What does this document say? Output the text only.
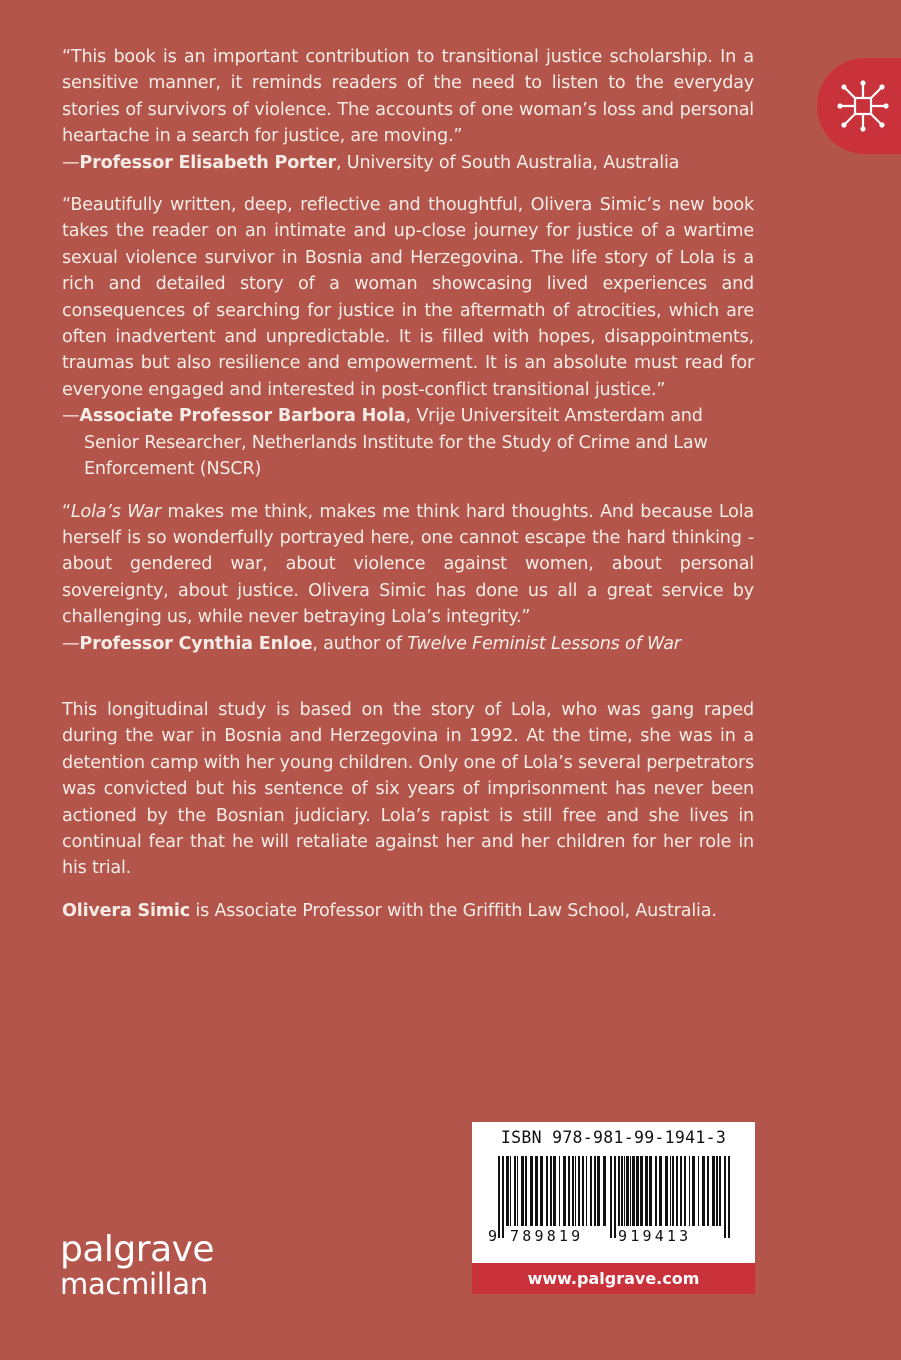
“This book is an important contribution to transitional justice scholarship. In a sensitive manner, it reminds readers of the need to listen to the everyday stories of survivors of violence. The accounts of one woman’s loss and personal heartache in a search for justice, are moving.”

—Professor Elisabeth Porter, University of South Australia, Australia

“Beautifully written, deep, reflective and thoughtful, Olivera Simic’s new book takes the reader on an intimate and up-close journey for justice of a wartime sexual violence survivor in Bosnia and Herzegovina. The life story of Lola is a rich and detailed story of a woman showcasing lived experiences and consequences of searching for justice in the aftermath of atrocities, which are often inadvertent and unpredictable. It is filled with hopes, disappointments, traumas but also resilience and empowerment. It is an absolute must read for everyone engaged and interested in post-conflict transitional justice.”

—Associate Professor Barbora Hola, Vrije Universiteit Amsterdam and Senior Researcher, Netherlands Institute for the Study of Crime and Law Enforcement (NSCR)

“Lola’s War makes me think, makes me think hard thoughts. And because Lola herself is so wonderfully portrayed here, one cannot escape the hard thinking - about gendered war, about violence against women, about personal sovereignty, about justice. Olivera Simic has done us all a great service by challenging us, while never betraying Lola’s integrity.”

—Professor Cynthia Enloe, author of Twelve Feminist Lessons of War

This longitudinal study is based on the story of Lola, who was gang raped during the war in Bosnia and Herzegovina in 1992. At the time, she was in a detention camp with her young children. Only one of Lola’s several perpetrators was convicted but his sentence of six years of imprisonment has never been actioned by the Bosnian judiciary. Lola’s rapist is still free and she lives in continual fear that he will retaliate against her and her children for her role in his trial.

Olivera Simic is Associate Professor with the Griffith Law School, Australia.

palgrave
macmillan
ISBN 978-981-99-1941-3
9 789819 919413
www.palgrave.com
